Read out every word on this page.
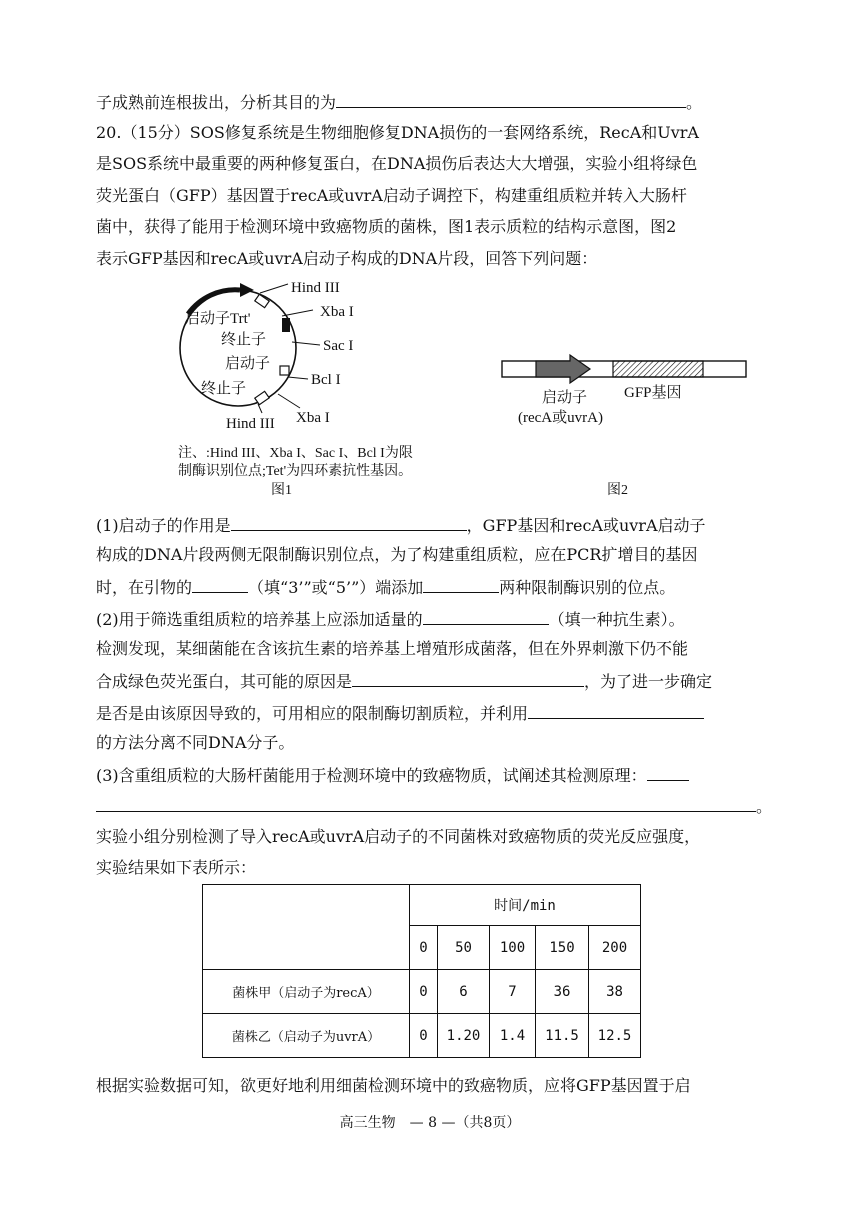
子成熟前连根拔出，分析其目的为	。
20.（15分）SOS修复系统是生物细胞修复DNA损伤的一套网络系统，RecA和UvrA
是SOS系统中最重要的两种修复蛋白，在DNA损伤后表达大大增强，实验小组将绿色
荧光蛋白（GFP）基因置于recA或uvrA启动子调控下，构建重组质粒并转入大肠杆
菌中，获得了能用于检测环境中致癌物质的菌株，图1表示质粒的结构示意图，图2
表示GFP基因和recA或uvrA启动子构成的DNA片段，回答下列问题：
Hind III
Xba I
Sac I
Bcl I
Xba I
Hind III
启动子Trt'
终止子
启动子
终止子
注、:Hind III、Xba I、Sac I、Bcl I为限
制酶识别位点;Tet'为四环素抗性基因。
图1
启动子
(recA或uvrA)
GFP基因
图2
(1)启动子的作用是	，GFP基因和recA或uvrA启动子
构成的DNA片段两侧无限制酶识别位点，为了构建重组质粒，应在PCR扩增目的基因
时，在引物的	（填“3’”或“5’”）端添加	两种限制酶识别的位点。
(2)用于筛选重组质粒的培养基上应添加适量的	（填一种抗生素）。
检测发现，某细菌能在含该抗生素的培养基上增殖形成菌落，但在外界刺激下仍不能
合成绿色荧光蛋白，其可能的原因是	，为了进一步确定
是否是由该原因导致的，可用相应的限制酶切割质粒，并利用
的方法分离不同DNA分子。
(3)含重组质粒的大肠杆菌能用于检测环境中的致癌物质，试阐述其检测原理：
。
实验小组分别检测了导入recA或uvrA启动子的不同菌株对致癌物质的荧光反应强度，
实验结果如下表所示：
	时间/min				
	0	50	100	150	200
菌株甲（启动子为recA）	0	6	7	36	38
菌株乙（启动子为uvrA）	0	1.20	1.4	11.5	12.5
根据实验数据可知，欲更好地利用细菌检测环境中的致癌物质，应将GFP基因置于启
高三生物　— 8 —（共8页）
